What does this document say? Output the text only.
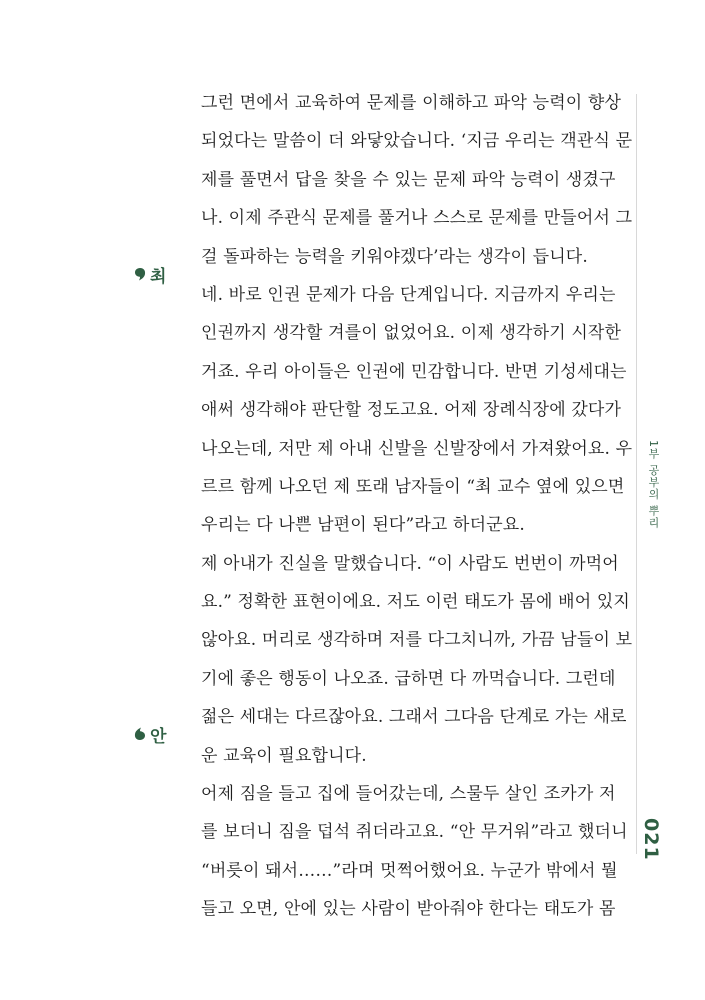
그런 면에서 교육하여 문제를 이해하고 파악 능력이 향상
되었다는 말씀이 더 와닿았습니다. ‘지금 우리는 객관식 문
제를 풀면서 답을 찾을 수 있는 문제 파악 능력이 생겼구
나. 이제 주관식 문제를 풀거나 스스로 문제를 만들어서 그
걸 돌파하는 능력을 키워야겠다’라는 생각이 듭니다.
네. 바로 인권 문제가 다음 단계입니다. 지금까지 우리는
인권까지 생각할 겨를이 없었어요. 이제 생각하기 시작한
거죠. 우리 아이들은 인권에 민감합니다. 반면 기성세대는
애써 생각해야 판단할 정도고요. 어제 장례식장에 갔다가
나오는데, 저만 제 아내 신발을 신발장에서 가져왔어요. 우
르르 함께 나오던 제 또래 남자들이 “최 교수 옆에 있으면
우리는 다 나쁜 남편이 된다”라고 하더군요.
제 아내가 진실을 말했습니다. “이 사람도 번번이 까먹어
요.” 정확한 표현이에요. 저도 이런 태도가 몸에 배어 있지
않아요. 머리로 생각하며 저를 다그치니까, 가끔 남들이 보
기에 좋은 행동이 나오죠. 급하면 다 까먹습니다. 그런데
젊은 세대는 다르잖아요. 그래서 그다음 단계로 가는 새로
운 교육이 필요합니다.
어제 짐을 들고 집에 들어갔는데, 스물두 살인 조카가 저
를 보더니 짐을 덥석 쥐더라고요. “안 무거워”라고 했더니
“버릇이 돼서……”라며 멋쩍어했어요. 누군가 밖에서 뭘
들고 오면, 안에 있는 사람이 받아줘야 한다는 태도가 몸
최
안
1부 공부의 뿌리
021
